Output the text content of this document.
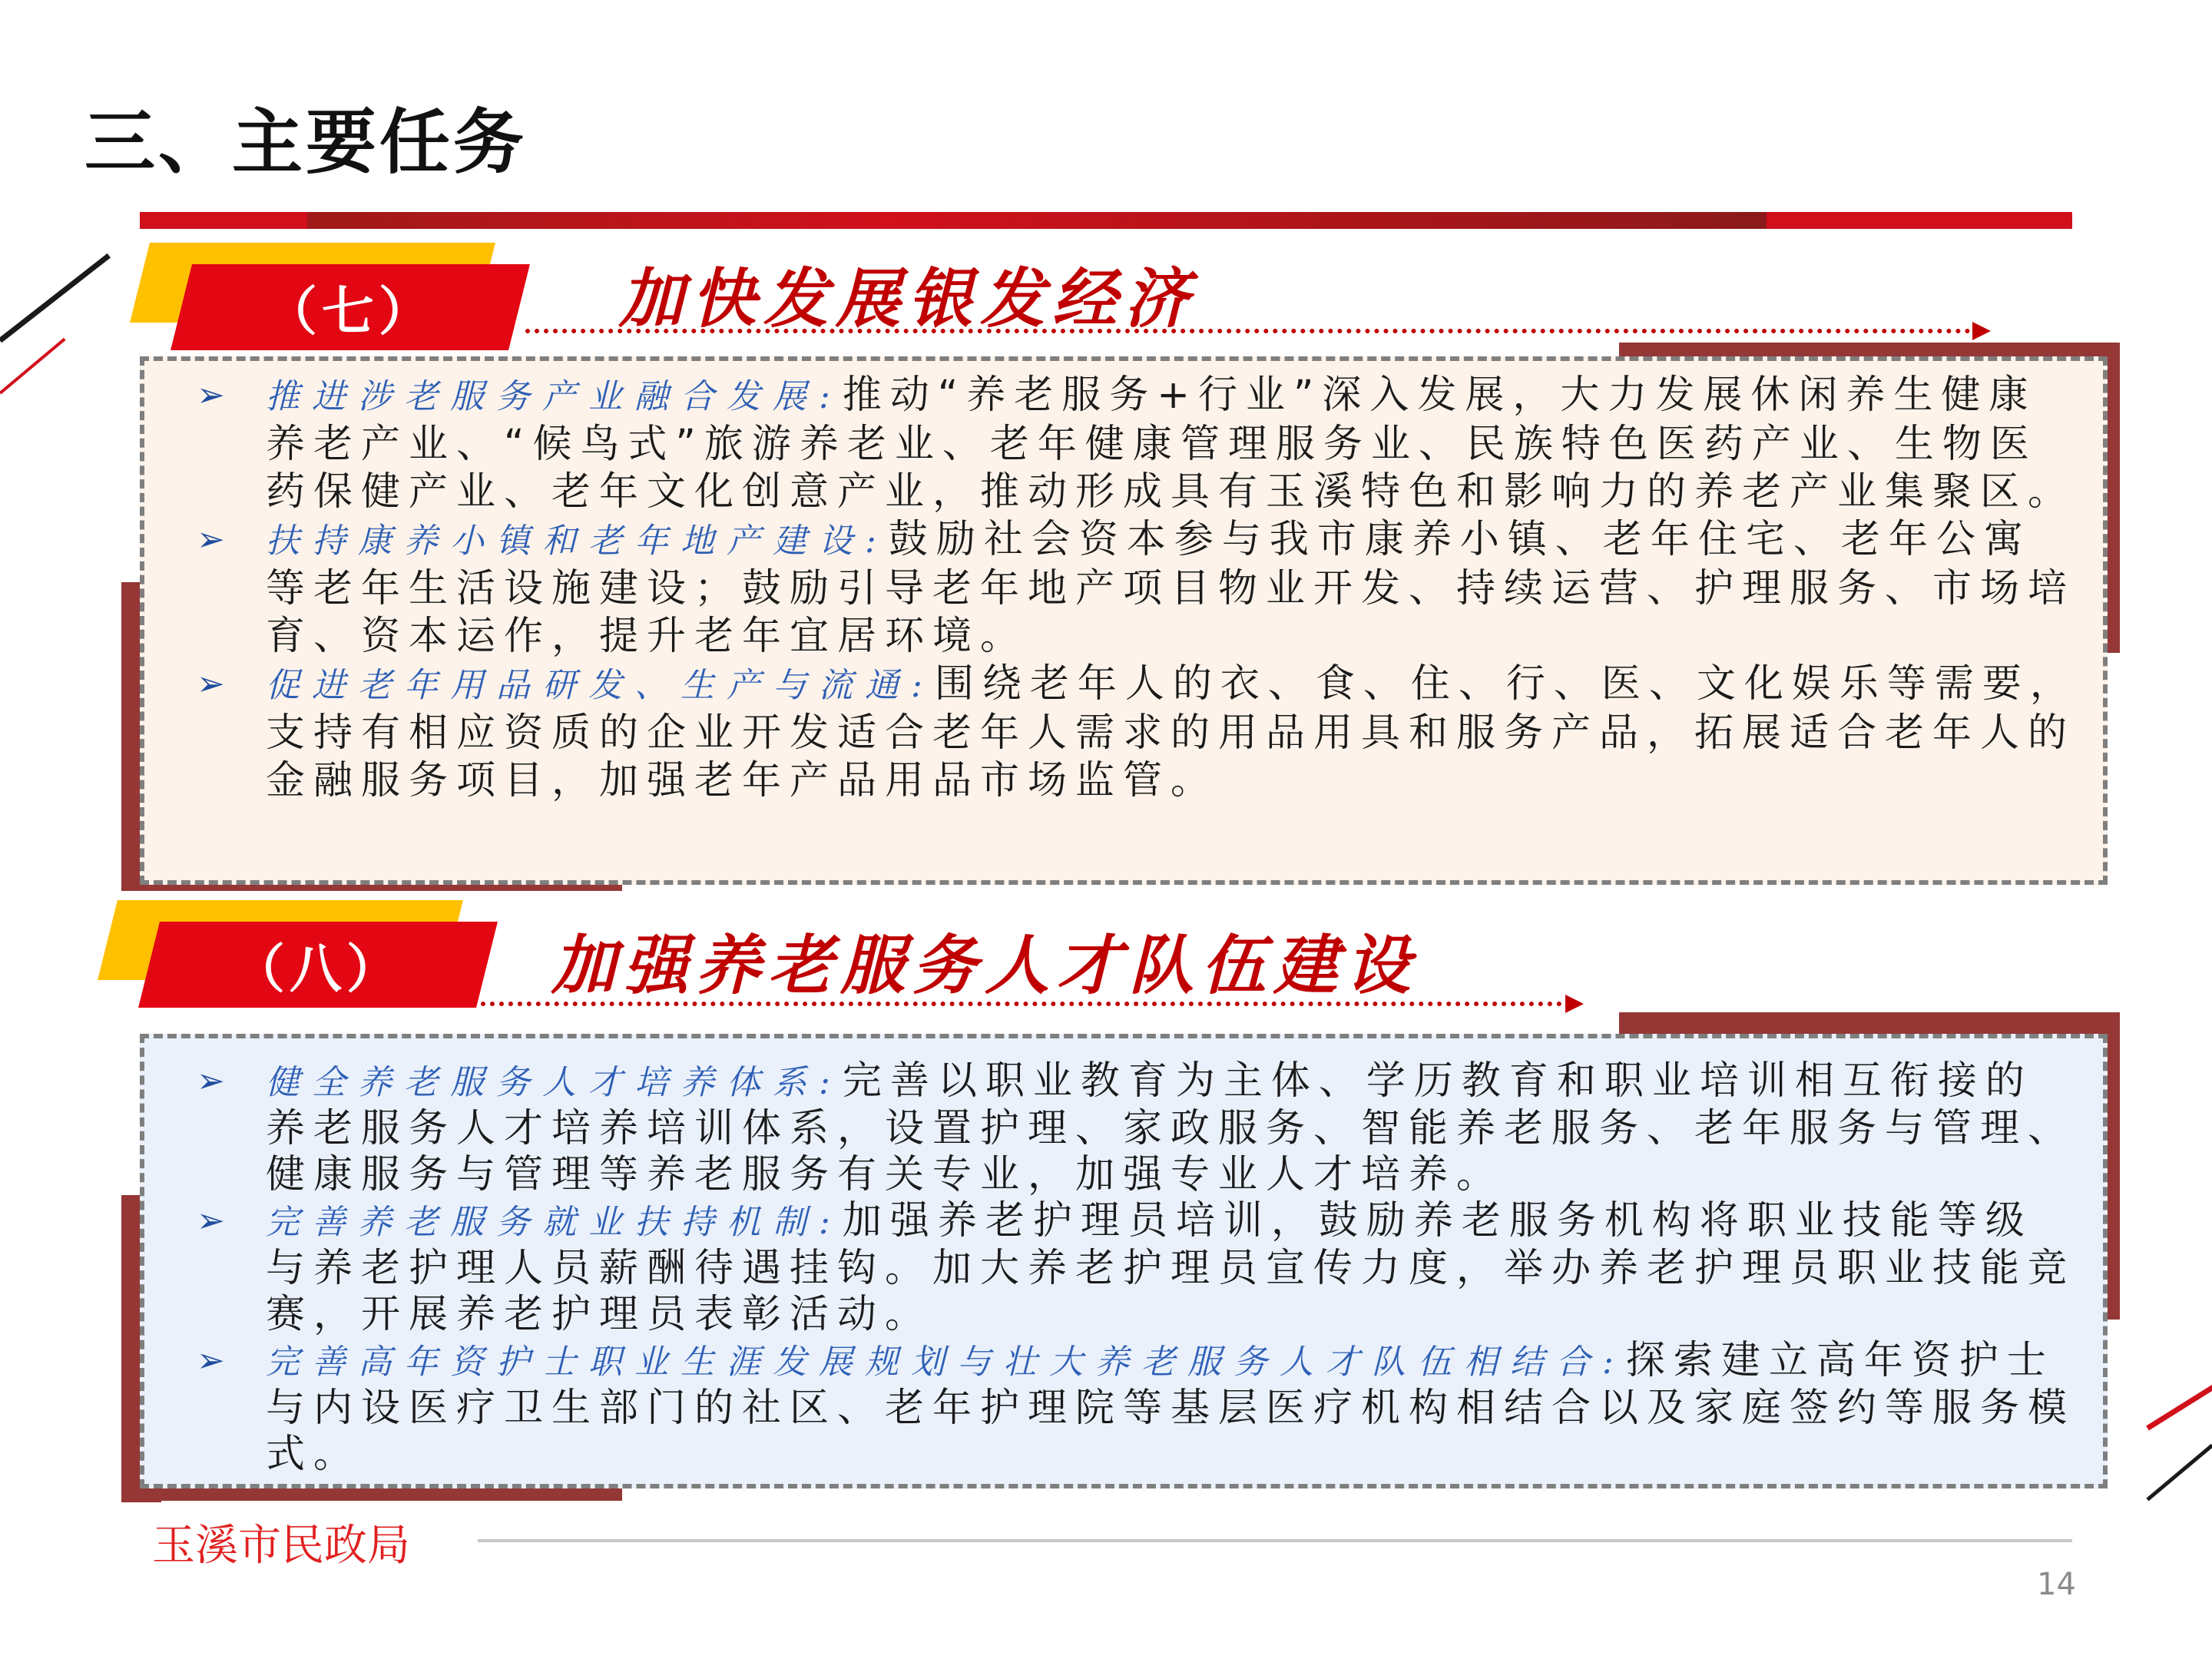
三、主要任务
（七）	加快发展银发经济
➢ 推进涉老服务产业融合发展:推动“养老服务+行业”深入发展，大力发展休闲养生健康养老产业、“候鸟式”旅游养老业、老年健康管理服务业、民族特色医药产业、生物医药保健产业、老年文化创意产业，推动形成具有玉溪特色和影响力的养老产业集聚区。
➢ 扶持康养小镇和老年地产建设:鼓励社会资本参与我市康养小镇、老年住宅、老年公寓等老年生活设施建设；鼓励引导老年地产项目物业开发、持续运营、护理服务、市场培育、资本运作，提升老年宜居环境。
➢ 促进老年用品研发、生产与流通:围绕老年人的衣、食、住、行、医、文化娱乐等需要，支持有相应资质的企业开发适合老年人需求的用品用具和服务产品，拓展适合老年人的金融服务项目，加强老年产品用品市场监管。
（八） 加强养老服务人才队伍建设
➢ 健全养老服务人才培养体系:完善以职业教育为主体、学历教育和职业培训相互衔接的养老服务人才培养培训体系，设置护理、家政服务、智能养老服务、老年服务与管理、健康服务与管理等养老服务有关专业，加强专业人才培养。
➢ 完善养老服务就业扶持机制:加强养老护理员培训，鼓励养老服务机构将职业技能等级与养老护理人员薪酬待遇挂钩。加大养老护理员宣传力度，举办养老护理员职业技能竞赛，开展养老护理员表彰活动。
➢ 完善高年资护士职业生涯发展规划与壮大养老服务人才队伍相结合:探索建立高年资护士与内设医疗卫生部门的社区、老年护理院等基层医疗机构相结合以及家庭签约等服务模式。
玉溪市民政局
14
